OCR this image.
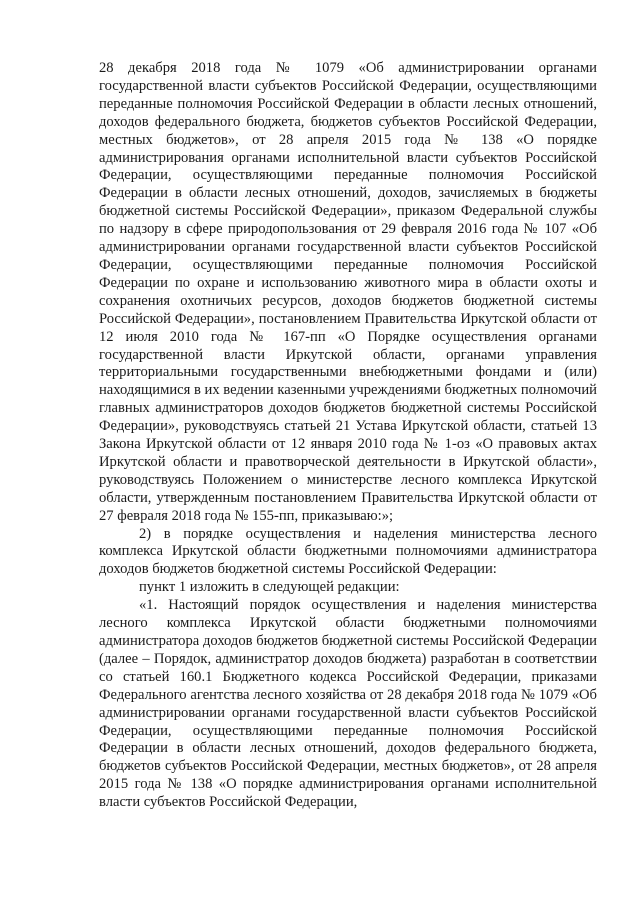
28 декабря 2018 года № 1079 «Об администрировании органами государственной власти субъектов Российской Федерации, осуществляющими переданные полномочия Российской Федерации в области лесных отношений, доходов федерального бюджета, бюджетов субъектов Российской Федерации, местных бюджетов», от 28 апреля 2015 года № 138 «О порядке администрирования органами исполнительной власти субъектов Российской Федерации, осуществляющими переданные полномочия Российской Федерации в области лесных отношений, доходов, зачисляемых в бюджеты бюджетной системы Российской Федерации», приказом Федеральной службы по надзору в сфере природопользования от 29 февраля 2016 года № 107 «Об администрировании органами государственной власти субъектов Российской Федерации, осуществляющими переданные полномочия Российской Федерации по охране и использованию животного мира в области охоты и сохранения охотничьих ресурсов, доходов бюджетов бюджетной системы Российской Федерации», постановлением Правительства Иркутской области от 12 июля 2010 года № 167-пп «О Порядке осуществления органами государственной власти Иркутской области, органами управления территориальными государственными внебюджетными фондами и (или) находящимися в их ведении казенными учреждениями бюджетных полномочий главных администраторов доходов бюджетов бюджетной системы Российской Федерации», руководствуясь статьей 21 Устава Иркутской области, статьей 13 Закона Иркутской области от 12 января 2010 года № 1-оз «О правовых актах Иркутской области и правотворческой деятельности в Иркутской области», руководствуясь Положением о министерстве лесного комплекса Иркутской области, утвержденным постановлением Правительства Иркутской области от 27 февраля 2018 года № 155-пп, приказываю:»;

2) в порядке осуществления и наделения министерства лесного комплекса Иркутской области бюджетными полномочиями администратора доходов бюджетов бюджетной системы Российской Федерации:

пункт 1 изложить в следующей редакции:

«1. Настоящий порядок осуществления и наделения министерства лесного комплекса Иркутской области бюджетными полномочиями администратора доходов бюджетов бюджетной системы Российской Федерации (далее – Порядок, администратор доходов бюджета) разработан в соответствии со статьей 160.1 Бюджетного кодекса Российской Федерации, приказами Федерального агентства лесного хозяйства от 28 декабря 2018 года № 1079 «Об администрировании органами государственной власти субъектов Российской Федерации, осуществляющими переданные полномочия Российской Федерации в области лесных отношений, доходов федерального бюджета, бюджетов субъектов Российской Федерации, местных бюджетов», от 28 апреля 2015 года № 138 «О порядке администрирования органами исполнительной власти субъектов Российской Федерации,
